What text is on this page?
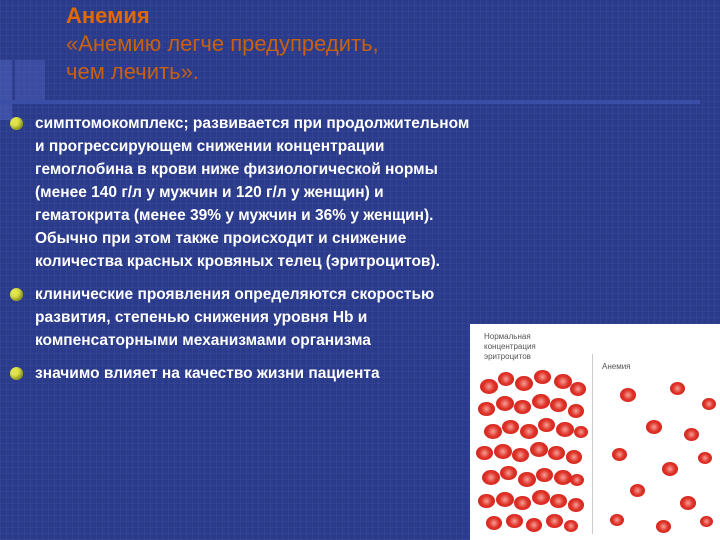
Анемия
«Анемию легче предупредить,
чем лечить».
симптомокомплекс; развивается при продолжительном и прогрессирующем снижении концентрации гемоглобина в крови ниже физиологической нормы (менее 140 г/л у мужчин и 120 г/л у женщин) и гематокрита (менее 39% у мужчин и 36% у женщин). Обычно при этом также происходит и снижение количества красных кровяных телец (эритроцитов).
клинические проявления определяются скоростью развития, степенью снижения уровня Hb и компенсаторными механизмами организма
значимо влияет на качество жизни пациента
Нормальная концентрация эритроцитов
Анемия
